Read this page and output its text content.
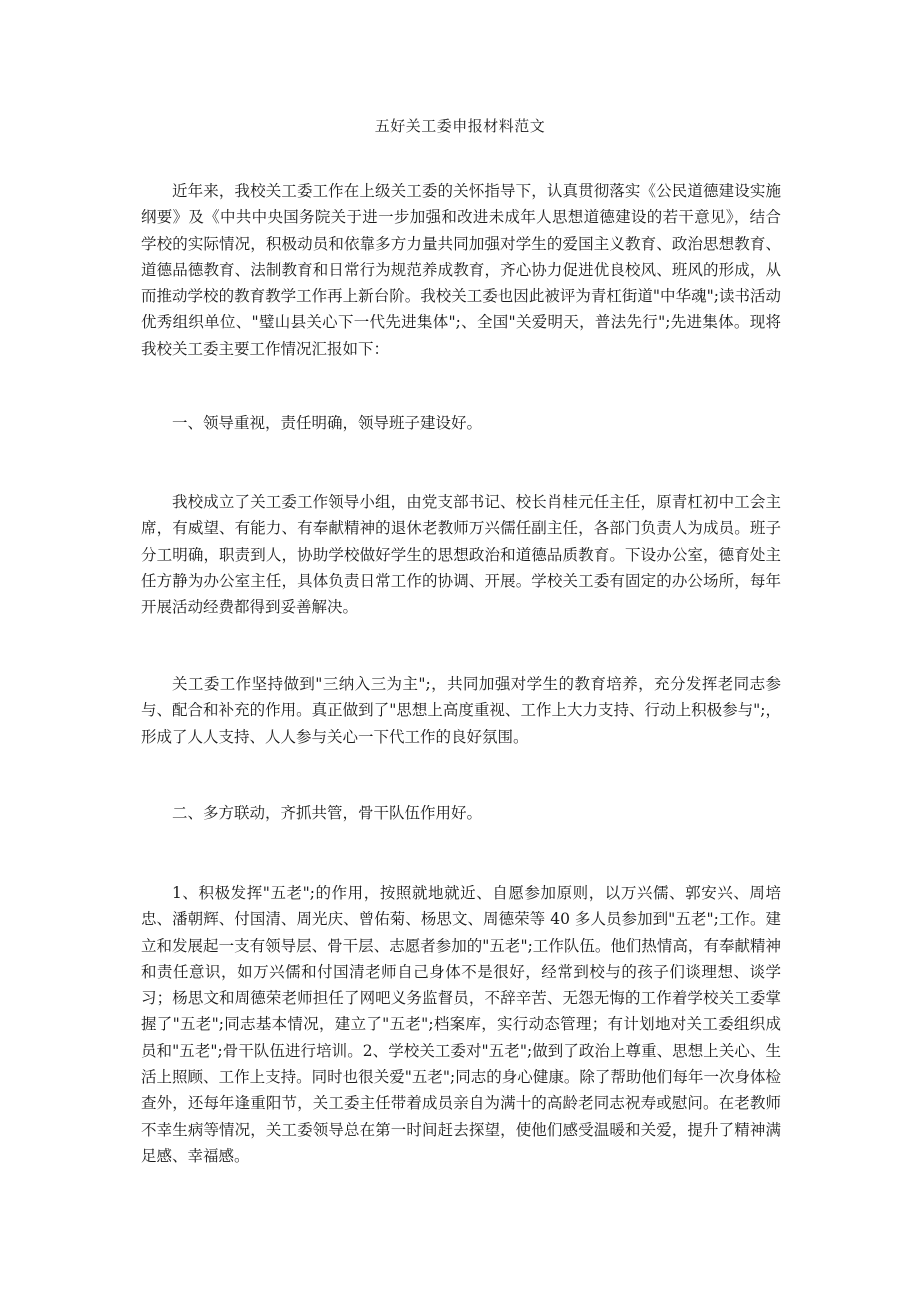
五好关工委申报材料范文
近年来，我校关工委工作在上级关工委的关怀指导下，认真贯彻落实《公民道德建设实施纲要》及《中共中央国务院关于进一步加强和改进未成年人思想道德建设的若干意见》，结合学校的实际情况，积极动员和依靠多方力量共同加强对学生的爱国主义教育、政治思想教育、道德品德教育、法制教育和日常行为规范养成教育，齐心协力促进优良校风、班风的形成，从而推动学校的教育教学工作再上新台阶。我校关工委也因此被评为青杠街道"中华魂";读书活动优秀组织单位、"璧山县关心下一代先进集体";、全国"关爱明天，普法先行";先进集体。现将我校关工委主要工作情况汇报如下：
一、领导重视，责任明确，领导班子建设好。
我校成立了关工委工作领导小组，由党支部书记、校长肖桂元任主任，原青杠初中工会主席，有威望、有能力、有奉献精神的退休老教师万兴儒任副主任，各部门负责人为成员。班子分工明确，职责到人，协助学校做好学生的思想政治和道德品质教育。下设办公室，德育处主任方静为办公室主任，具体负责日常工作的协调、开展。学校关工委有固定的办公场所，每年开展活动经费都得到妥善解决。
关工委工作坚持做到"三纳入三为主";，共同加强对学生的教育培养，充分发挥老同志参与、配合和补充的作用。真正做到了"思想上高度重视、工作上大力支持、行动上积极参与";，形成了人人支持、人人参与关心一下代工作的良好氛围。
二、多方联动，齐抓共管，骨干队伍作用好。
1、积极发挥"五老";的作用，按照就地就近、自愿参加原则，以万兴儒、郭安兴、周培忠、潘朝辉、付国清、周光庆、曾佑菊、杨思文、周德荣等 40 多人员参加到"五老";工作。建立和发展起一支有领导层、骨干层、志愿者参加的"五老";工作队伍。他们热情高，有奉献精神和责任意识，如万兴儒和付国清老师自己身体不是很好，经常到校与的孩子们谈理想、谈学习；杨思文和周德荣老师担任了网吧义务监督员，不辞辛苦、无怨无悔的工作着学校关工委掌握了"五老";同志基本情况，建立了"五老";档案库，实行动态管理；有计划地对关工委组织成员和"五老";骨干队伍进行培训。2、学校关工委对"五老";做到了政治上尊重、思想上关心、生活上照顾、工作上支持。同时也很关爱"五老";同志的身心健康。除了帮助他们每年一次身体检查外，还每年逢重阳节，关工委主任带着成员亲自为满十的高龄老同志祝寿或慰问。在老教师不幸生病等情况，关工委领导总在第一时间赶去探望，使他们感受温暖和关爱，提升了精神满足感、幸福感。
